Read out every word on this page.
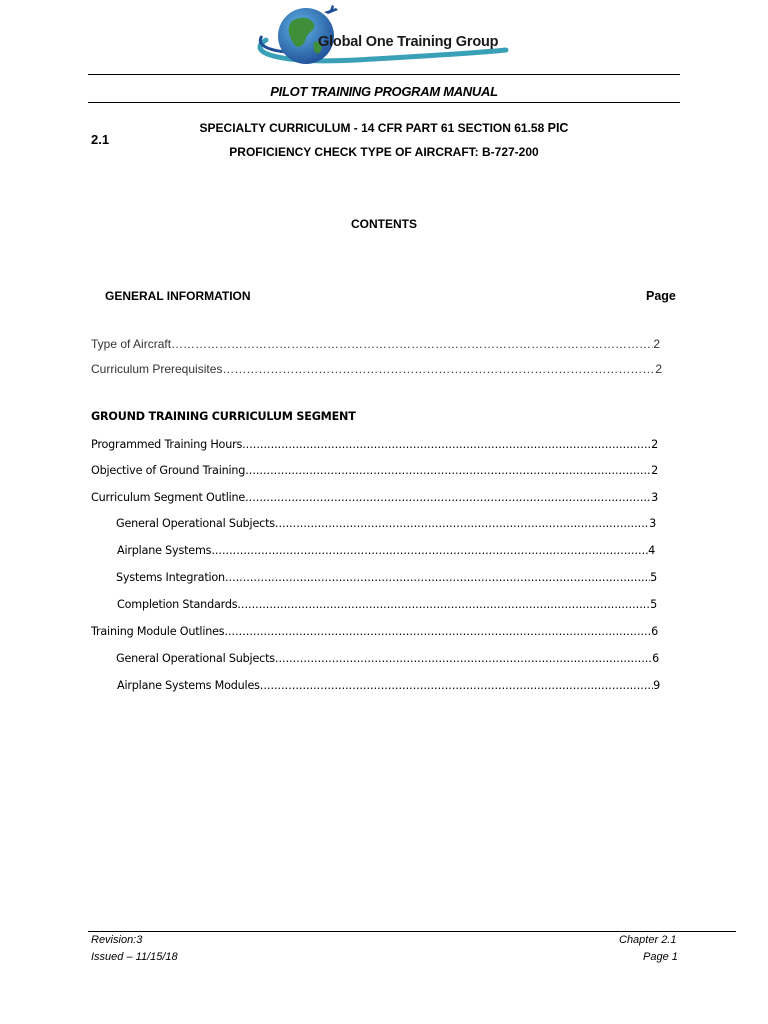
Global One Training Group
PILOT TRAINING PROGRAM MANUAL
2.1
SPECIALTY CURRICULUM - 14 CFR PART 61 SECTION 61.58 PIC
PROFICIENCY CHECK TYPE OF AIRCRAFT: B-727-200
CONTENTS
GENERAL INFORMATION	Page
Type of Aircraft ………………………………………………………………………………………………………………………………………………………………………………………………………	2
Curriculum Prerequisites ………………………………………………………………………………………………………………………………………………………………………………………………………	2
GROUND TRAINING CURRICULUM SEGMENT
Programmed Training Hours .....	2
Objective of Ground Training .....	2
Curriculum Segment Outline .....	3
General Operational Subjects .....	3
Airplane Systems .....	4
Systems Integration .....	5
Completion Standards .....	5
Training Module Outlines .....	6
General Operational Subjects .....	6
Airplane Systems Modules .....	9
Revision:3
Issued – 11/15/18
Chapter 2.1
Page 1
